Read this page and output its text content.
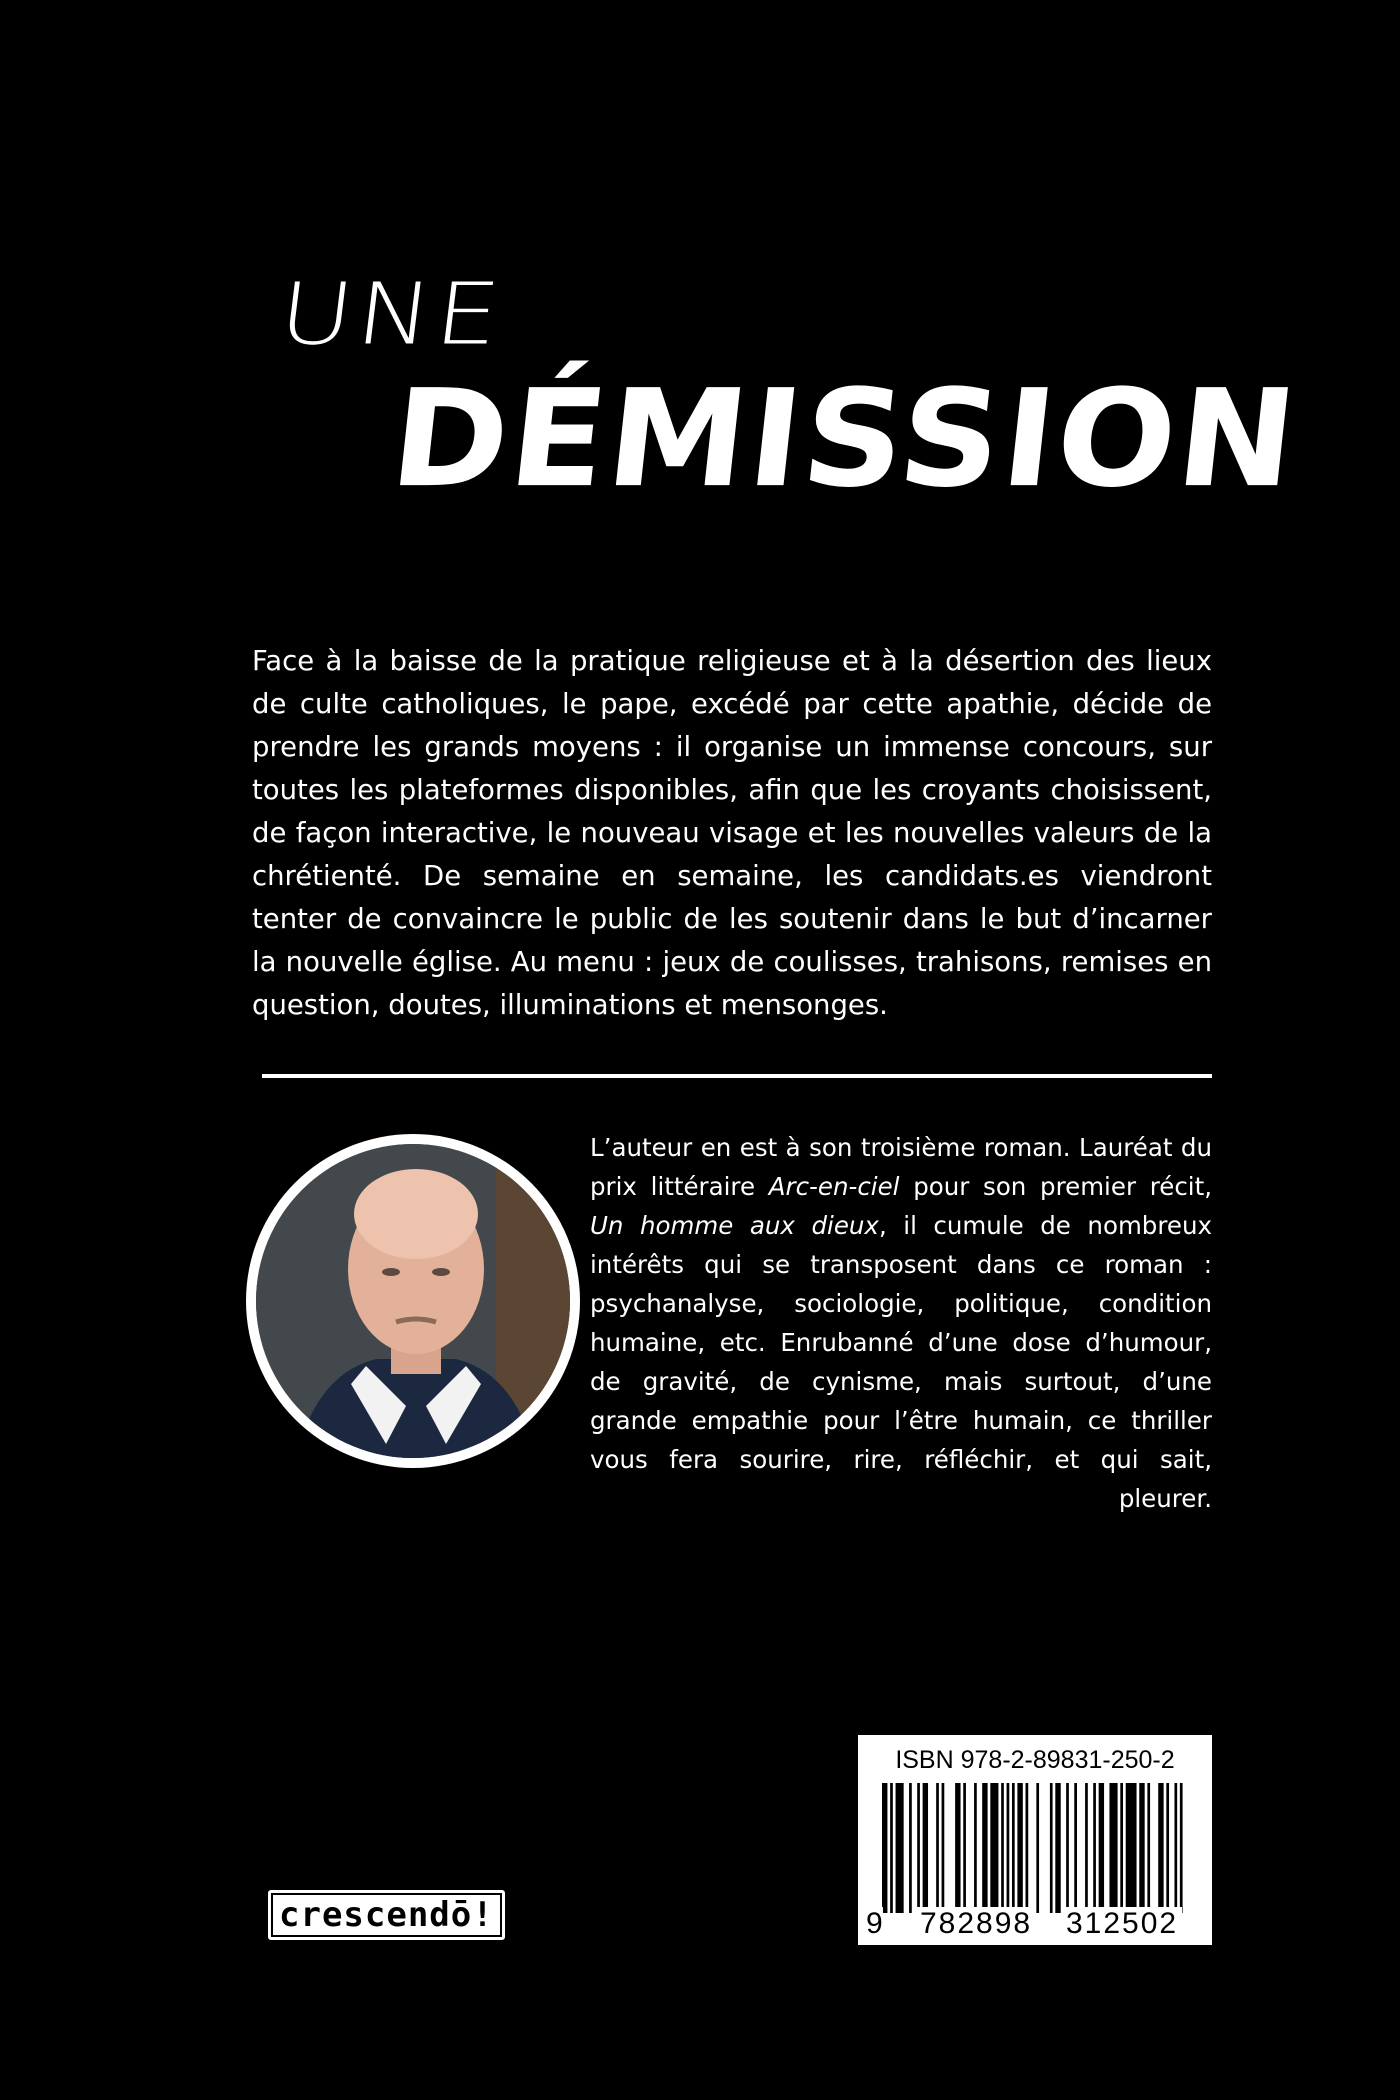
UNE
DÉMISSION

Face à la baisse de la pratique religieuse et à la désertion des lieux de culte catholiques, le pape, excédé par cette apathie, décide de prendre les grands moyens : il organise un immense concours, sur toutes les plateformes disponibles, afin que les croyants choisissent, de façon interactive, le nouveau visage et les nouvelles valeurs de la chrétienté. De semaine en semaine, les candidats.es viendront tenter de convaincre le public de les soutenir dans le but d’incarner la nouvelle église. Au menu : jeux de coulisses, trahisons, remises en question, doutes, illuminations et mensonges.

L’auteur en est à son troisième roman. Lauréat du prix littéraire Arc-en-ciel pour son premier récit, Un homme aux dieux, il cumule de nombreux intérêts qui se transposent dans ce roman : psychanalyse, sociologie, politique, condition humaine, etc. Enrubanné d’une dose d’humour, de gravité, de cynisme, mais surtout, d’une grande empathie pour l’être humain, ce thriller vous fera sourire, rire, réfléchir, et qui sait, pleurer.

crescendō!
ISBN 978-2-89831-250-2
9 782898 312502
